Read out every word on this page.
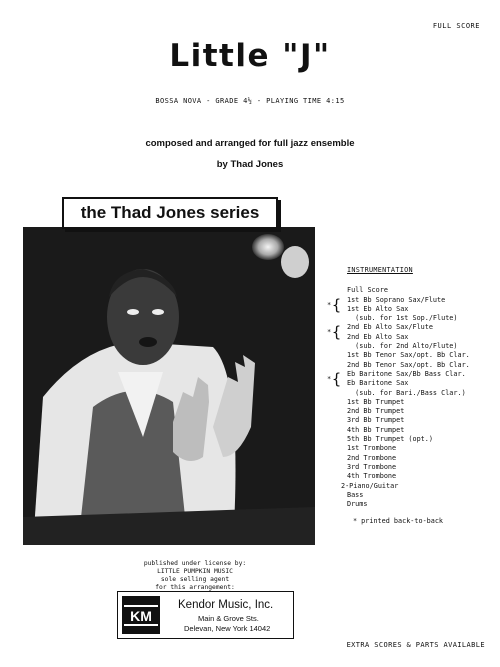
FULL SCORE
Little "J"
BOSSA NOVA - GRADE 4½ - PLAYING TIME 4:15
composed and arranged for full jazz ensemble
by Thad Jones
the Thad Jones series
INSTRUMENTATION
Full Score
* { 1st Bb Soprano Sax/Flute
1st Eb Alto Sax
(sub. for 1st Sop./Flute)
* { 2nd Eb Alto Sax/Flute
2nd Eb Alto Sax
(sub. for 2nd Alto/Flute)
1st Bb Tenor Sax/opt. Bb Clar.
2nd Bb Tenor Sax/opt. Bb Clar.
* { Eb Baritone Sax/Bb Bass Clar.
Eb Baritone Sax
(sub. for Bari./Bass Clar.)
1st Bb Trumpet
2nd Bb Trumpet
3rd Bb Trumpet
4th Bb Trumpet
5th Bb Trumpet (opt.)
1st Trombone
2nd Trombone
3rd Trombone
4th Trombone
2-Piano/Guitar
Bass
Drums
* printed back-to-back
published under license by:
LITTLE PUMPKIN MUSIC
sole selling agent
for this arrangement:
KM
Kendor Music, Inc.
Main & Grove Sts.
Delevan, New York 14042
EXTRA SCORES & PARTS AVAILABLE
